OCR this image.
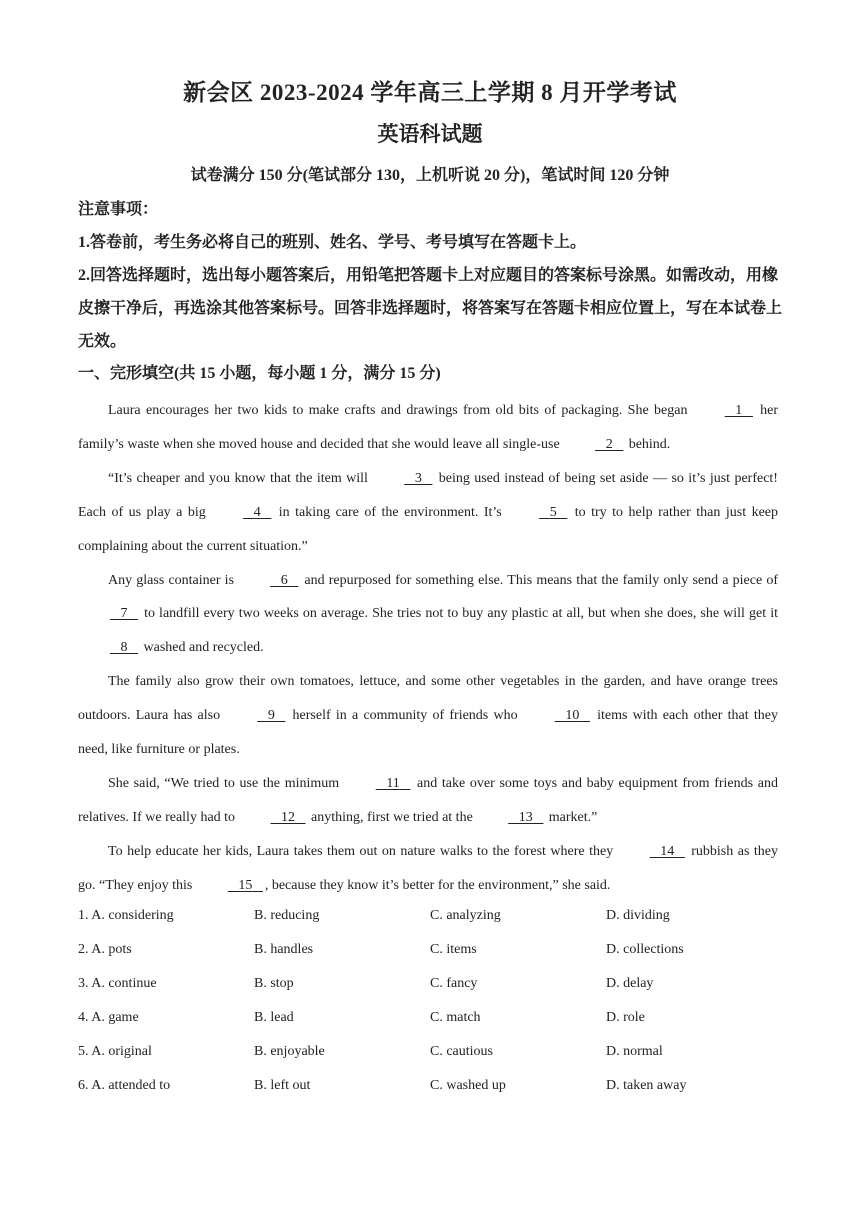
新会区 2023-2024 学年高三上学期 8 月开学考试
英语科试题
试卷满分 150 分(笔试部分 130，上机听说 20 分)，笔试时间 120 分钟
注意事项：
1.答卷前，考生务必将自己的班别、姓名、学号、考号填写在答题卡上。
2.回答选择题时，选出每小题答案后，用铅笔把答题卡上对应题目的答案标号涂黑。如需改动，用橡皮擦干净后，再选涂其他答案标号。回答非选择题时，将答案写在答题卡相应位置上，写在本试卷上无效。
一、完形填空(共 15 小题，每小题 1 分，满分 15 分)

Laura encourages her two kids to make crafts and drawings from old bits of packaging. She began	1 her family’s waste when she moved house and decided that she would leave all single-use	2 behind.

“It’s cheaper and you know that the item will	3 being used instead of being set aside — so it’s just perfect! Each of us play a big	4 in taking care of the environment. It’s	5 to try to help rather than just keep complaining about the current situation.”

Any glass container is	6 and repurposed for something else. This means that the family only send a piece of 7 to landfill every two weeks on average. She tries not to buy any plastic at all, but when she does, she will get it 8 washed and recycled.

The family also grow their own tomatoes, lettuce, and some other vegetables in the garden, and have orange trees outdoors. Laura has also	9 herself in a community of friends who	10 items with each other that they need, like furniture or plates.

She said, “We tried to use the minimum	11 and take over some toys and baby equipment from friends and relatives. If we really had to	12 anything, first we tried at the	13 market.”

To help educate her kids, Laura takes them out on nature walks to the forest where they	14 rubbish as they go. “They enjoy this	15 , because they know it’s better for the environment,” she said.

1. A. considering	B. reducing	C. analyzing	D. dividing
2. A. pots	B. handles	C. items	D. collections
3. A. continue	B. stop	C. fancy	D. delay
4. A. game	B. lead	C. match	D. role
5. A. original	B. enjoyable	C. cautious	D. normal
6. A. attended to	B. left out	C. washed up	D. taken away
